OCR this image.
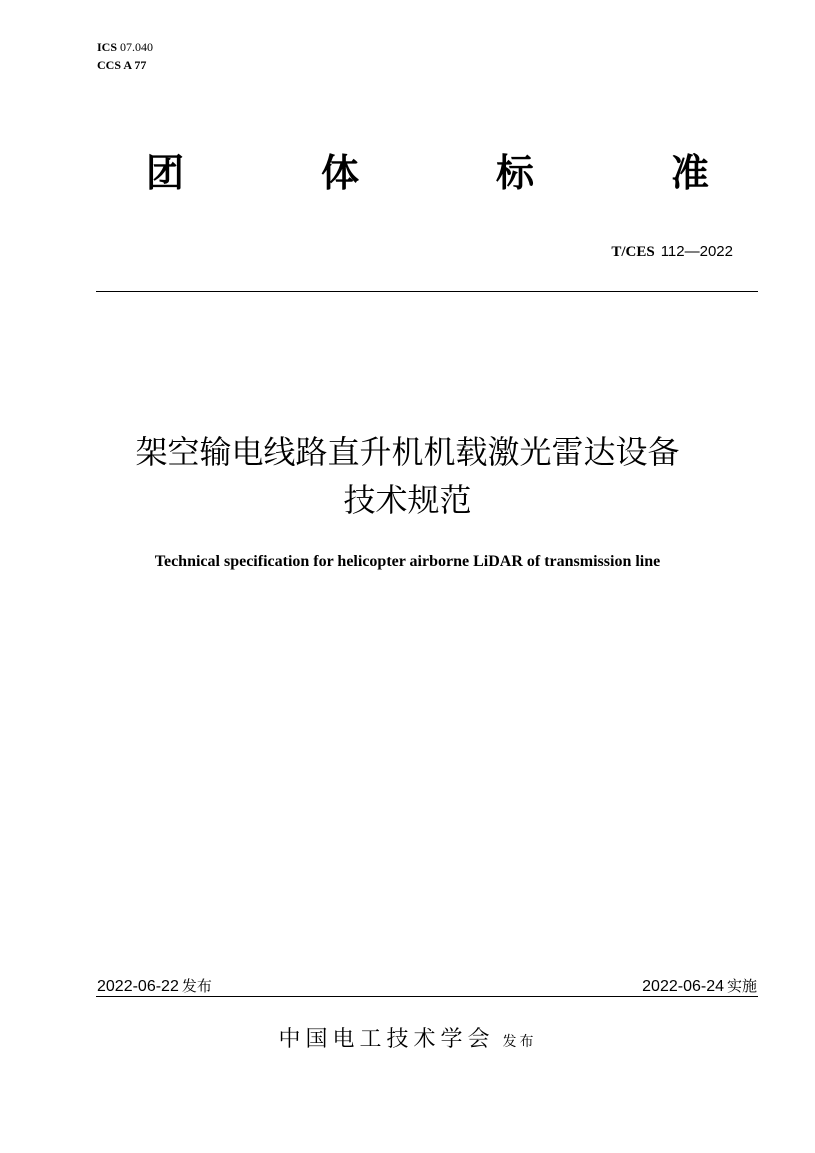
ICS 07.040
CCS A 77
团	体	标	准
T/CES 112—2022
架空输电线路直升机机载激光雷达设备
技术规范
Technical specification for helicopter airborne LiDAR of transmission line
2022-06-22 发布	2022-06-24 实施
中国电工技术学会 发布
